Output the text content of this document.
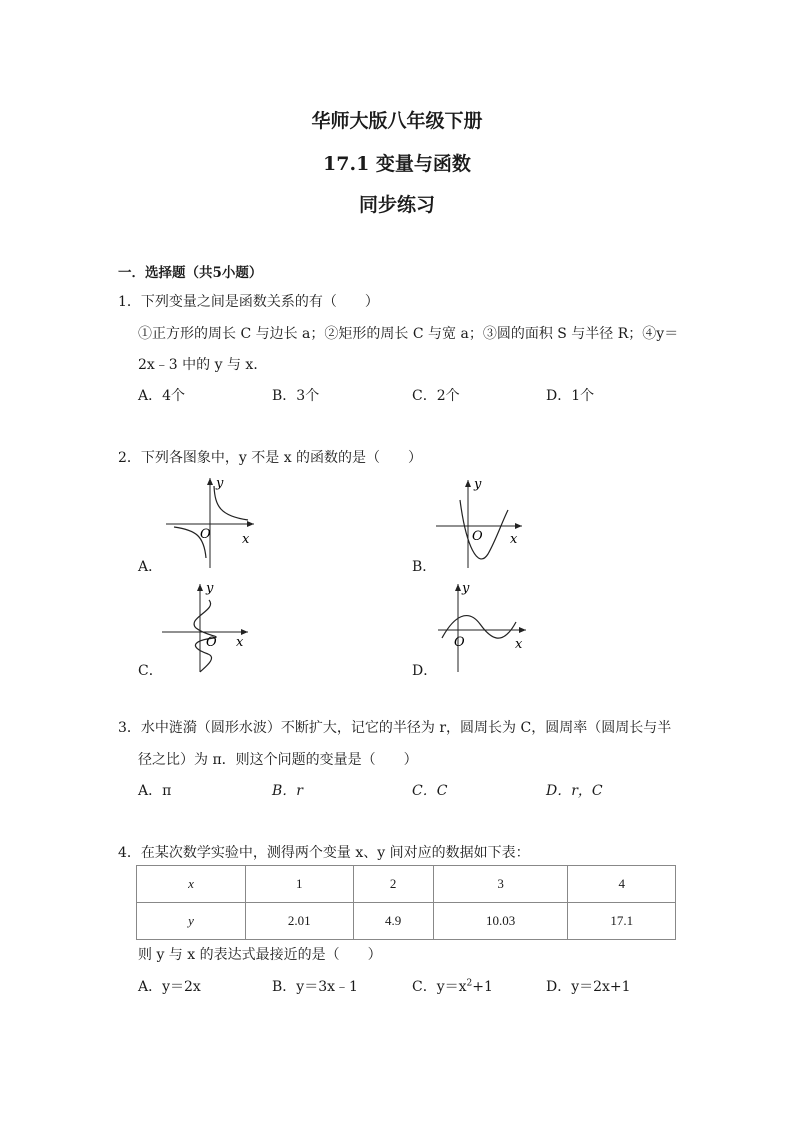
华师大版八年级下册
17.1 变量与函数
同步练习
一．选择题（共5小题）
1．下列变量之间是函数关系的有（　　）
①正方形的周长 C 与边长 a；②矩形的周长 C 与宽 a；③圆的面积 S 与半径 R；④y＝
2x﹣3 中的 y 与 x．
A．4个	B．3个	C．2个	D．1个
2．下列各图象中，y 不是 x 的函数的是（　　）
y
O x
A．
y
O x
B．
y
O x
C．
y
O	x
D．
3．水中涟漪（圆形水波）不断扩大，记它的半径为 r，圆周长为 C，圆周率（圆周长与半
径之比）为 π．则这个问题的变量是（　　）
A．π	B．r	C．C	D．r，C
4．在某次数学实验中，测得两个变量 x、y 间对应的数据如下表：
x	1	2	3	4
y	2.01	4.9	10.03	17.1
则 y 与 x 的表达式最接近的是（　　）
A．y＝2x	B．y＝3x﹣1	C．$y=x^2+1$	D．y＝2x+1
